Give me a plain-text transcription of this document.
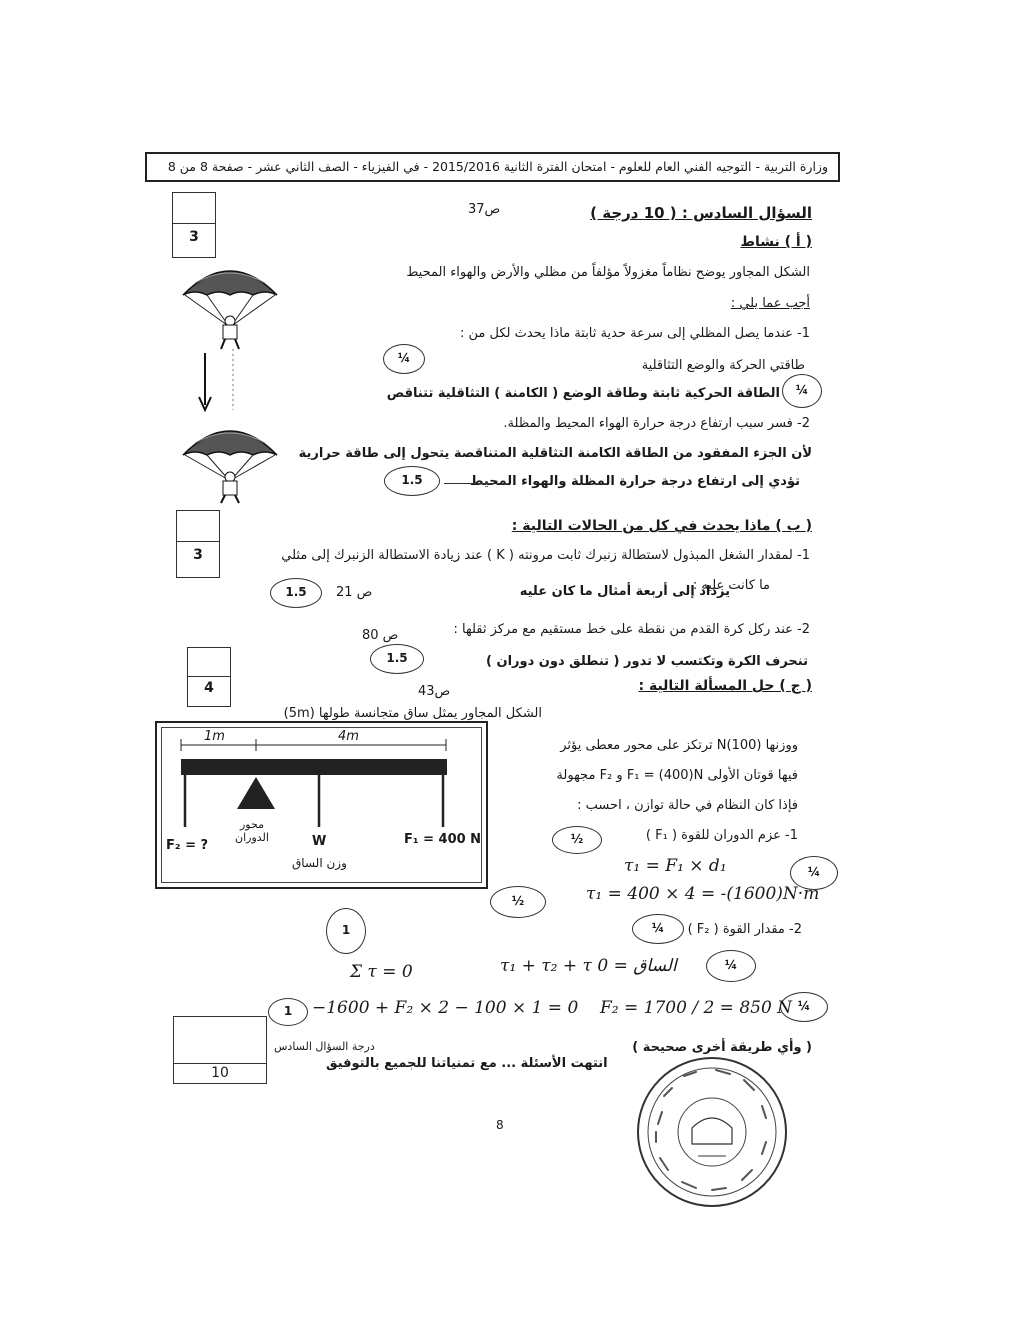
وزارة التربية - التوجيه الفني العام للعلوم - امتحان الفترة الثانية 2015/2016 - في الفيزياء - الصف الثاني عشر - صفحة 8 من 8
3
السؤال السادس : ( 10 درجة )
ص37
( أ ) نشاط
الشكل المجاور يوضح نظاماً مغزولاً مؤلفاً من مظلي والأرض والهواء المحيط
أجب عما يلي :
1- عندما يصل المظلي إلى سرعة حدية ثابتة ماذا يحدث لكل من :
طاقتي الحركة والوضع التثاقلية
¼
الطاقة الحركية ثابتة وطاقة الوضع ( الكامنة ) التثاقلية تتناقص	¼
2- فسر سبب ارتفاع درجة حرارة الهواء المحيط والمظلة.
لأن الجزء المفقود من الطاقة الكامنة التثاقلية المتناقصة يتحول إلى طاقة حرارية
تؤدي إلى ارتفاع درجة حرارة المظلة والهواء المحيط
1.5
3
( ب ) ماذا يحدث في كل من الحالات التالية :
1- لمقدار الشغل المبذول لاستطالة زنبرك ثابت مرونته ( K ) عند زيادة الاستطالة الزنبرك إلى مثلي
ما كانت عليه :
يزداد إلى أربعة أمثال ما كان عليه
ص 21
1.5
2- عند ركل كرة القدم من نقطة على خط مستقيم مع مركز ثقلها :
ص 80
تنحرف الكرة وتكتسب لا تدور ( تنطلق دون دوران )
1.5
4	( ج ) حل المسألة التالية :
ص43
الشكل المجاور يمثل ساق متجانسة طولها (5m)
ووزنها (100)N ترتكز على محور معطى يؤثر
فيها قوتان الأولى F₁ = (400)N و F₂ مجهولة
فإذا كان النظام في حالة توازن ، احسب :
1m	4m
F₂ = ?
محور الدوران	W
وزن الساق
F₁ = 400 N	1- عزم الدوران للقوة ( F₁ )
½
τ₁ = F₁ × d₁	¼
½	τ₁ = 400 × 4 = -(1600)N·m
2- مقدار القوة ( F₂ )
¼
1
Σ τ = 0	τ₁ + τ₂ + τ الساق = 0	¼
¼
1	−1600 + F₂ × 2 − 100 × 1 = 0 F₂ = 1700 / 2 = 850 N
10
درجة السؤال السادس	( وأي طريقة أخرى صحيحة )
انتهت الأسئلة ... مع تمنياتنا للجميع بالتوفيق
8
